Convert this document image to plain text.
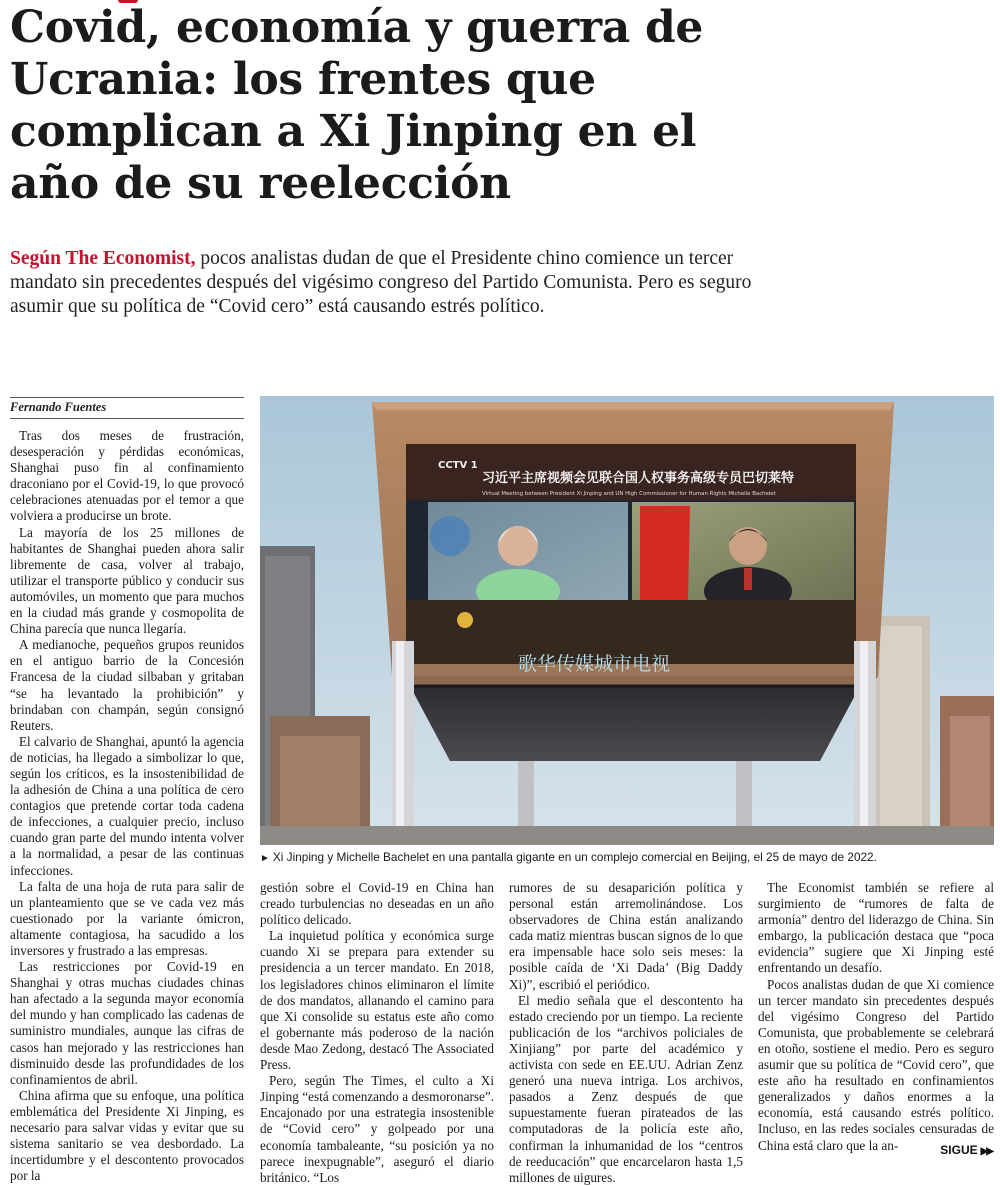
Covid, economía y guerra de Ucrania: los frentes que complican a Xi Jinping en el año de su reelección

Según The Economist, pocos analistas dudan de que el Presidente chino comience un tercer mandato sin precedentes después del vigésimo congreso del Partido Comunista. Pero es seguro asumir que su política de “Covid cero” está causando estrés político.

Fernando Fuentes

Tras dos meses de frustración, desesperación y pérdidas económicas, Shanghai puso fin al confinamiento draconiano por el Covid-19, lo que provocó celebraciones atenuadas por el temor a que volviera a producirse un brote.

La mayoría de los 25 millones de habitantes de Shanghai pueden ahora salir libremente de casa, volver al trabajo, utilizar el transporte público y conducir sus automóviles, un momento que para muchos en la ciudad más grande y cosmopolita de China parecía que nunca llegaría.

A medianoche, pequeños grupos reunidos en el antiguo barrio de la Concesión Francesa de la ciudad silbaban y gritaban “se ha levantado la prohibición” y brindaban con champán, según consignó Reuters.

El calvario de Shanghai, apuntó la agencia de noticias, ha llegado a simbolizar lo que, según los críticos, es la insostenibilidad de la adhesión de China a una política de cero contagios que pretende cortar toda cadena de infecciones, a cualquier precio, incluso cuando gran parte del mundo intenta volver a la normalidad, a pesar de las continuas infecciones.

La falta de una hoja de ruta para salir de un planteamiento que se ve cada vez más cuestionado por la variante ómicron, altamente contagiosa, ha sacudido a los inversores y frustrado a las empresas.

Las restricciones por Covid-19 en Shanghai y otras muchas ciudades chinas han afectado a la segunda mayor economía del mundo y han complicado las cadenas de suministro mundiales, aunque las cifras de casos han mejorado y las restricciones han disminuido desde las profundidades de los confinamientos de abril.

China afirma que su enfoque, una política emblemática del Presidente Xi Jinping, es necesario para salvar vidas y evitar que su sistema sanitario se vea desbordado. La incertidumbre y el descontento provocados por la

CCTV 1
习近平主席视频会见联合国人权事务高级专员巴切莱特
Virtual Meeting between President Xi Jinping and UN High Commissioner for Human Rights Michelle Bachelet
歌华传媒城市电视
► Xi Jinping y Michelle Bachelet en una pantalla gigante en un complejo comercial en Beijing, el 25 de mayo de 2022.

gestión sobre el Covid-19 en China han creado turbulencias no deseadas en un año político delicado.

La inquietud política y económica surge cuando Xi se prepara para extender su presidencia a un tercer mandato. En 2018, los legisladores chinos eliminaron el límite de dos mandatos, allanando el camino para que Xi consolide su estatus este año como el gobernante más poderoso de la nación desde Mao Zedong, destacó The Associated Press.

Pero, según The Times, el culto a Xi Jinping “está comenzando a desmoronarse”. Encajonado por una estrategia insostenible de “Covid cero” y golpeado por una economía tambaleante, “su posición ya no parece inexpugnable”, aseguró el diario británico. “Los

rumores de su desaparición política y personal están arremolinándose. Los observadores de China están analizando cada matiz mientras buscan signos de lo que era impensable hace solo seis meses: la posible caída de ‘Xi Dada’ (Big Daddy Xi)”, escribió el periódico.

El medio señala que el descontento ha estado creciendo por un tiempo. La reciente publicación de los “archivos policiales de Xinjiang” por parte del académico y activista con sede en EE.UU. Adrian Zenz generó una nueva intriga. Los archivos, pasados a Zenz después de que supuestamente fueran pirateados de las computadoras de la policía este año, confirman la inhumanidad de los “centros de reeducación” que encarcelaron hasta 1,5 millones de uigures.

The Economist también se refiere al surgimiento de “rumores de falta de armonía” dentro del liderazgo de China. Sin embargo, la publicación destaca que “poca evidencia” sugiere que Xi Jinping esté enfrentando un desafío.

Pocos analistas dudan de que Xi comience un tercer mandato sin precedentes después del vigésimo Congreso del Partido Comunista, que probablemente se celebrará en otoño, sostiene el medio. Pero es seguro asumir que su política de “Covid cero”, que este año ha resultado en confinamientos generalizados y daños enormes a la economía, está causando estrés político. Incluso, en las redes sociales censuradas de China está claro que la an-	SIGUE ▶▶
